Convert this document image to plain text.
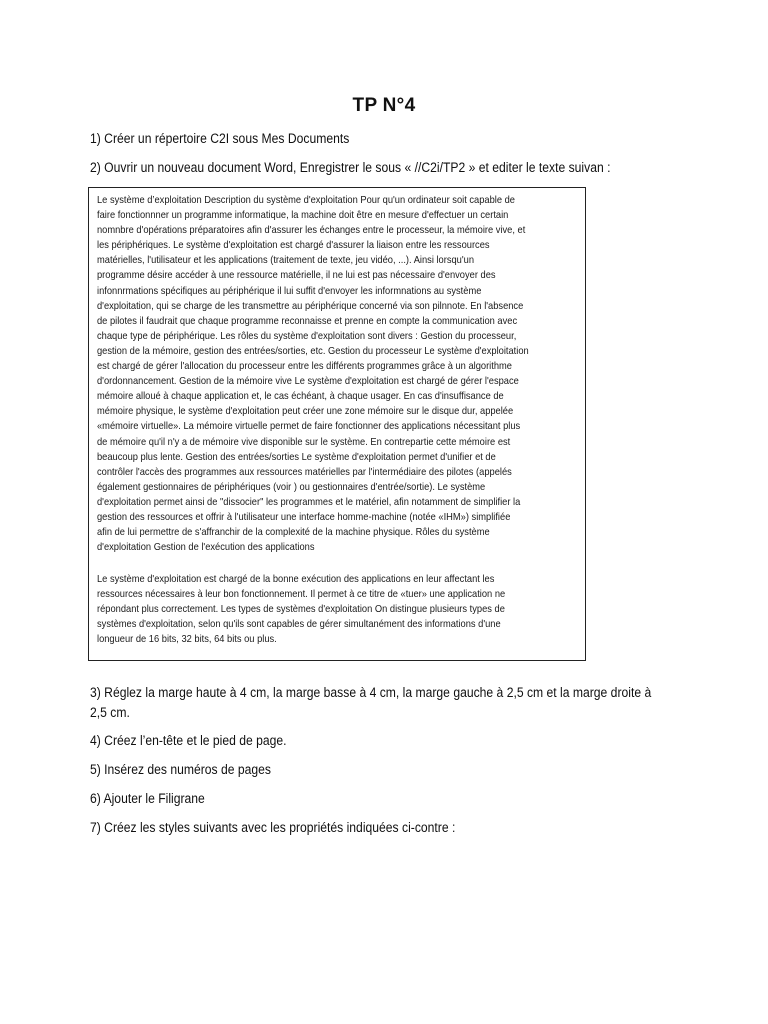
TP N°4
1) Créer un répertoire C2I sous Mes Documents
2) Ouvrir un nouveau document Word, Enregistrer le sous « //C2i/TP2 » et editer le texte suivan :
Le système d’exploitation Description du système d'exploitation Pour qu'un ordinateur soit capable de
faire fonctionnner un programme informatique, la machine doit être en mesure d'effectuer un certain
nomnbre d'opérations préparatoires afin d'assurer les échanges entre le processeur, la mémoire vive, et
les périphériques. Le système d'exploitation est chargé d'assurer la liaison entre les ressources
matérielles, l'utilisateur et les applications (traitement de texte, jeu vidéo, ...). Ainsi lorsqu'un
programme désire accéder à une ressource matérielle, il ne lui est pas nécessaire d'envoyer des
infonnrmations spécifiques au périphérique il lui suffit d'envoyer les informnations au système
d'exploitation, qui se charge de les transmettre au périphérique concerné via son pilnnote. En l'absence
de pilotes il faudrait que chaque programme reconnaisse et prenne en compte la communication avec
chaque type de périphérique. Les rôles du système d'exploitation sont divers : Gestion du processeur,
gestion de la mémoire, gestion des entrées/sorties, etc. Gestion du processeur Le système d'exploitation
est chargé de gérer l'allocation du processeur entre les différents programmes grâce à un algorithme
d'ordonnancement. Gestion de la mémoire vive Le système d'exploitation est chargé de gérer l'espace
mémoire alloué à chaque application et, le cas échéant, à chaque usager. En cas d'insuffisance de
mémoire physique, le système d'exploitation peut créer une zone mémoire sur le disque dur, appelée
«mémoire virtuelle». La mémoire virtuelle permet de faire fonctionner des applications nécessitant plus
de mémoire qu'il n'y a de mémoire vive disponible sur le système. En contrepartie cette mémoire est
beaucoup plus lente. Gestion des entrées/sorties Le système d'exploitation permet d'unifier et de
contrôler l'accès des programmes aux ressources matérielles par l'intermédiaire des pilotes (appelés
également gestionnaires de périphériques (voir ) ou gestionnaires d'entrée/sortie). Le système
d'exploitation permet ainsi de "dissocier" les programmes et le matériel, afin notamment de simplifier la
gestion des ressources et offrir à l'utilisateur une interface homme-machine (notée «IHM») simplifiée
afin de lui permettre de s'affranchir de la complexité de la machine physique. Rôles du système
d'exploitation Gestion de l'exécution des applications
Le système d'exploitation est chargé de la bonne exécution des applications en leur affectant les
ressources nécessaires à leur bon fonctionnement. Il permet à ce titre de «tuer» une application ne
répondant plus correctement. Les types de systèmes d'exploitation On distingue plusieurs types de
systèmes d'exploitation, selon qu'ils sont capables de gérer simultanément des informations d'une
longueur de 16 bits, 32 bits, 64 bits ou plus.
3) Réglez la marge haute à 4 cm, la marge basse à 4 cm, la marge gauche à 2,5 cm et la marge droite à
2,5 cm.
4) Créez l’en-tête et le pied de page.
5) Insérez des numéros de pages
6) Ajouter le Filigrane
7) Créez les styles suivants avec les propriétés indiquées ci-contre :
